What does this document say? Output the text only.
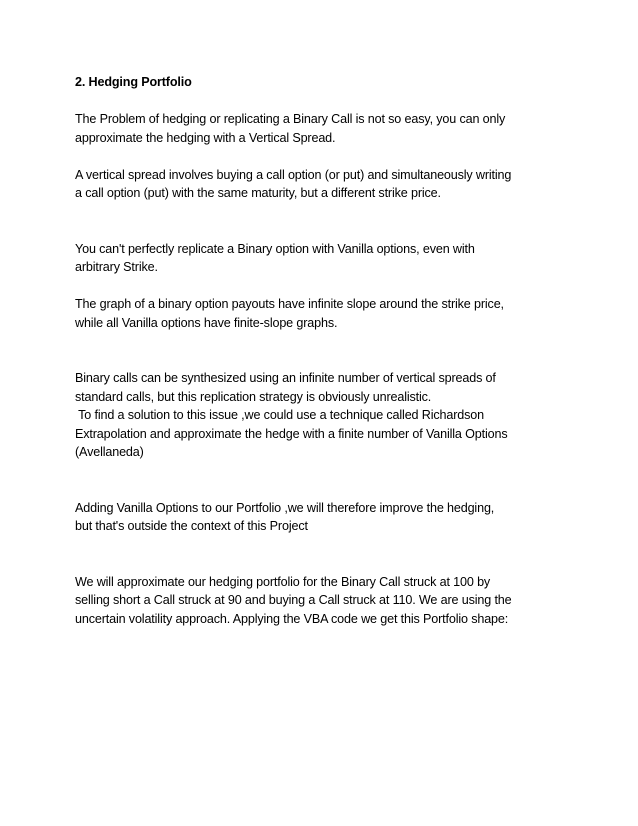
2. Hedging Portfolio

The Problem of hedging or replicating a Binary Call is not so easy, you can only
approximate the hedging with a Vertical Spread.

A vertical spread involves buying a call option (or put) and simultaneously writing
a call option (put) with the same maturity, but a different strike price.

You can't perfectly replicate a Binary option with Vanilla options, even with
arbitrary Strike.

The graph of a binary option payouts have infinite slope around the strike price,
while all Vanilla options have finite-slope graphs.

Binary calls can be synthesized using an infinite number of vertical spreads of
standard calls, but this replication strategy is obviously unrealistic.
To find a solution to this issue ,we could use a technique called Richardson
Extrapolation and approximate the hedge with a finite number of Vanilla Options
(Avellaneda)

Adding Vanilla Options to our Portfolio ,we will therefore improve the hedging,
but that's outside the context of this Project

We will approximate our hedging portfolio for the Binary Call struck at 100 by
selling short a Call struck at 90 and buying a Call struck at 110. We are using the
uncertain volatility approach. Applying the VBA code we get this Portfolio shape:
